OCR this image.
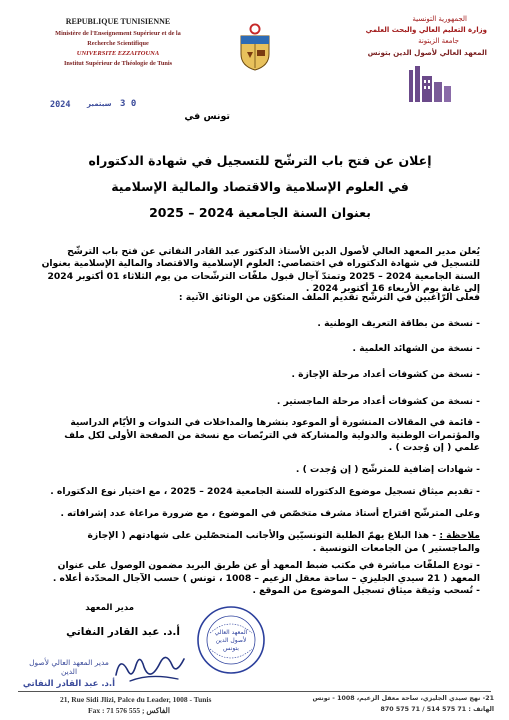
REPUBLIQUE TUNISIENNE
Ministère de l'Enseignement Supérieur et de la
Recherche Scientifique
UNIVERSITE EZZAITOUNA
Institut Supérieur de Théologie de Tunis
الجمهورية التونسية
وزارة التعليم العالي والبحث العلمي
جامعة الزيتونة
المعهد العالي لأصول الدين بتونس
2024 سبتمبر 3 0
تونس في
إعلان عن فتح باب الترشّح للتسجيل في شهادة الدكتوراه
في العلوم الإسلامية والاقتصاد والمالية الإسلامية
بعنوان السنة الجامعية 2024 – 2025
يُعلن مدير المعهد العالي لأصول الدين الأستاذ الدكتور عبد القادر النفاتي عن فتح باب الترشّح للتسجيل في شهادة الدكتوراه في اختصاصي: العلوم الإسلامية والاقتصاد والمالية الإسلامية بعنوان السنة الجامعية 2024 – 2025 وتمتدّ آجال قبول ملفّات الترشّحات من يوم الثلاثاء 01 أكتوبر 2024 إلى غاية يوم الأربعاء 16 أكتوبر 2024 .
فعلى الرّاغبين في الترشّح تقديم الملف المتكوّن من الوثائق الآتية :
- نسخة من بطاقة التعريف الوطنية .
- نسخة من الشهائد العلمية .
- نسخة من كشوفات أعداد مرحلة الإجازة .
- نسخة من كشوفات أعداد مرحلة الماجستير .
- قائمة في المقالات المنشورة أو الموعود بنشرها والمداخلات في الندوات و الأيّام الدراسية والمؤتمرات الوطنية والدولية والمشاركة في التربّصات مع نسخة من الصفحة الأولى لكل ملف علمي ( إن وُجدت ) .
- شهادات إضافية للمترشّح ( إن وُجدت ) .
- تقديم ميثاق تسجيل موضوع الدكتوراه للسنة الجامعية 2024 – 2025 ، مع اختيار نوع الدكتوراه .
وعلى المترشّح اقتراح أستاذ مشرف متخصّص في الموضوع ، مع ضرورة مراعاة عدد إشرافاته .
ملاحظة : - هذا البلاغ يهمّ الطلبة التونسيّين والأجانب المتحصّلين على شهادتهم ( الإجازة والماجستير ) من الجامعات التونسية .
- تودع الملفّات مباشرة في مكتب ضبط المعهد أو عن طريق البريد مضمون الوصول على عنوان المعهد ( 21 سيدي الجليزي – ساحة معقل الزعيم – 1008 ، تونس ) حسب الآجال المحدّدة أعلاه .
- تُسحب وثيقة ميثاق تسجيل الموضوع من الموقع .
مدير المعهد
أ.د. عبد القادر النفاتي	المعهد العالي لأصول الدين بتونس
مدير المعهد العالي لأصول الدين
أ.د. عبد القادر النفاتي
21, Rue Sidi Jlizi, Palce du Leader, 1008 - Tunis
Fax : 71 576 555 ; الفاكس
21- نهج سيدي الجليزي، ساحة معقل الزعيم، 1008 - تونس
الهاتف : 71 575 514 / 71 575 870
